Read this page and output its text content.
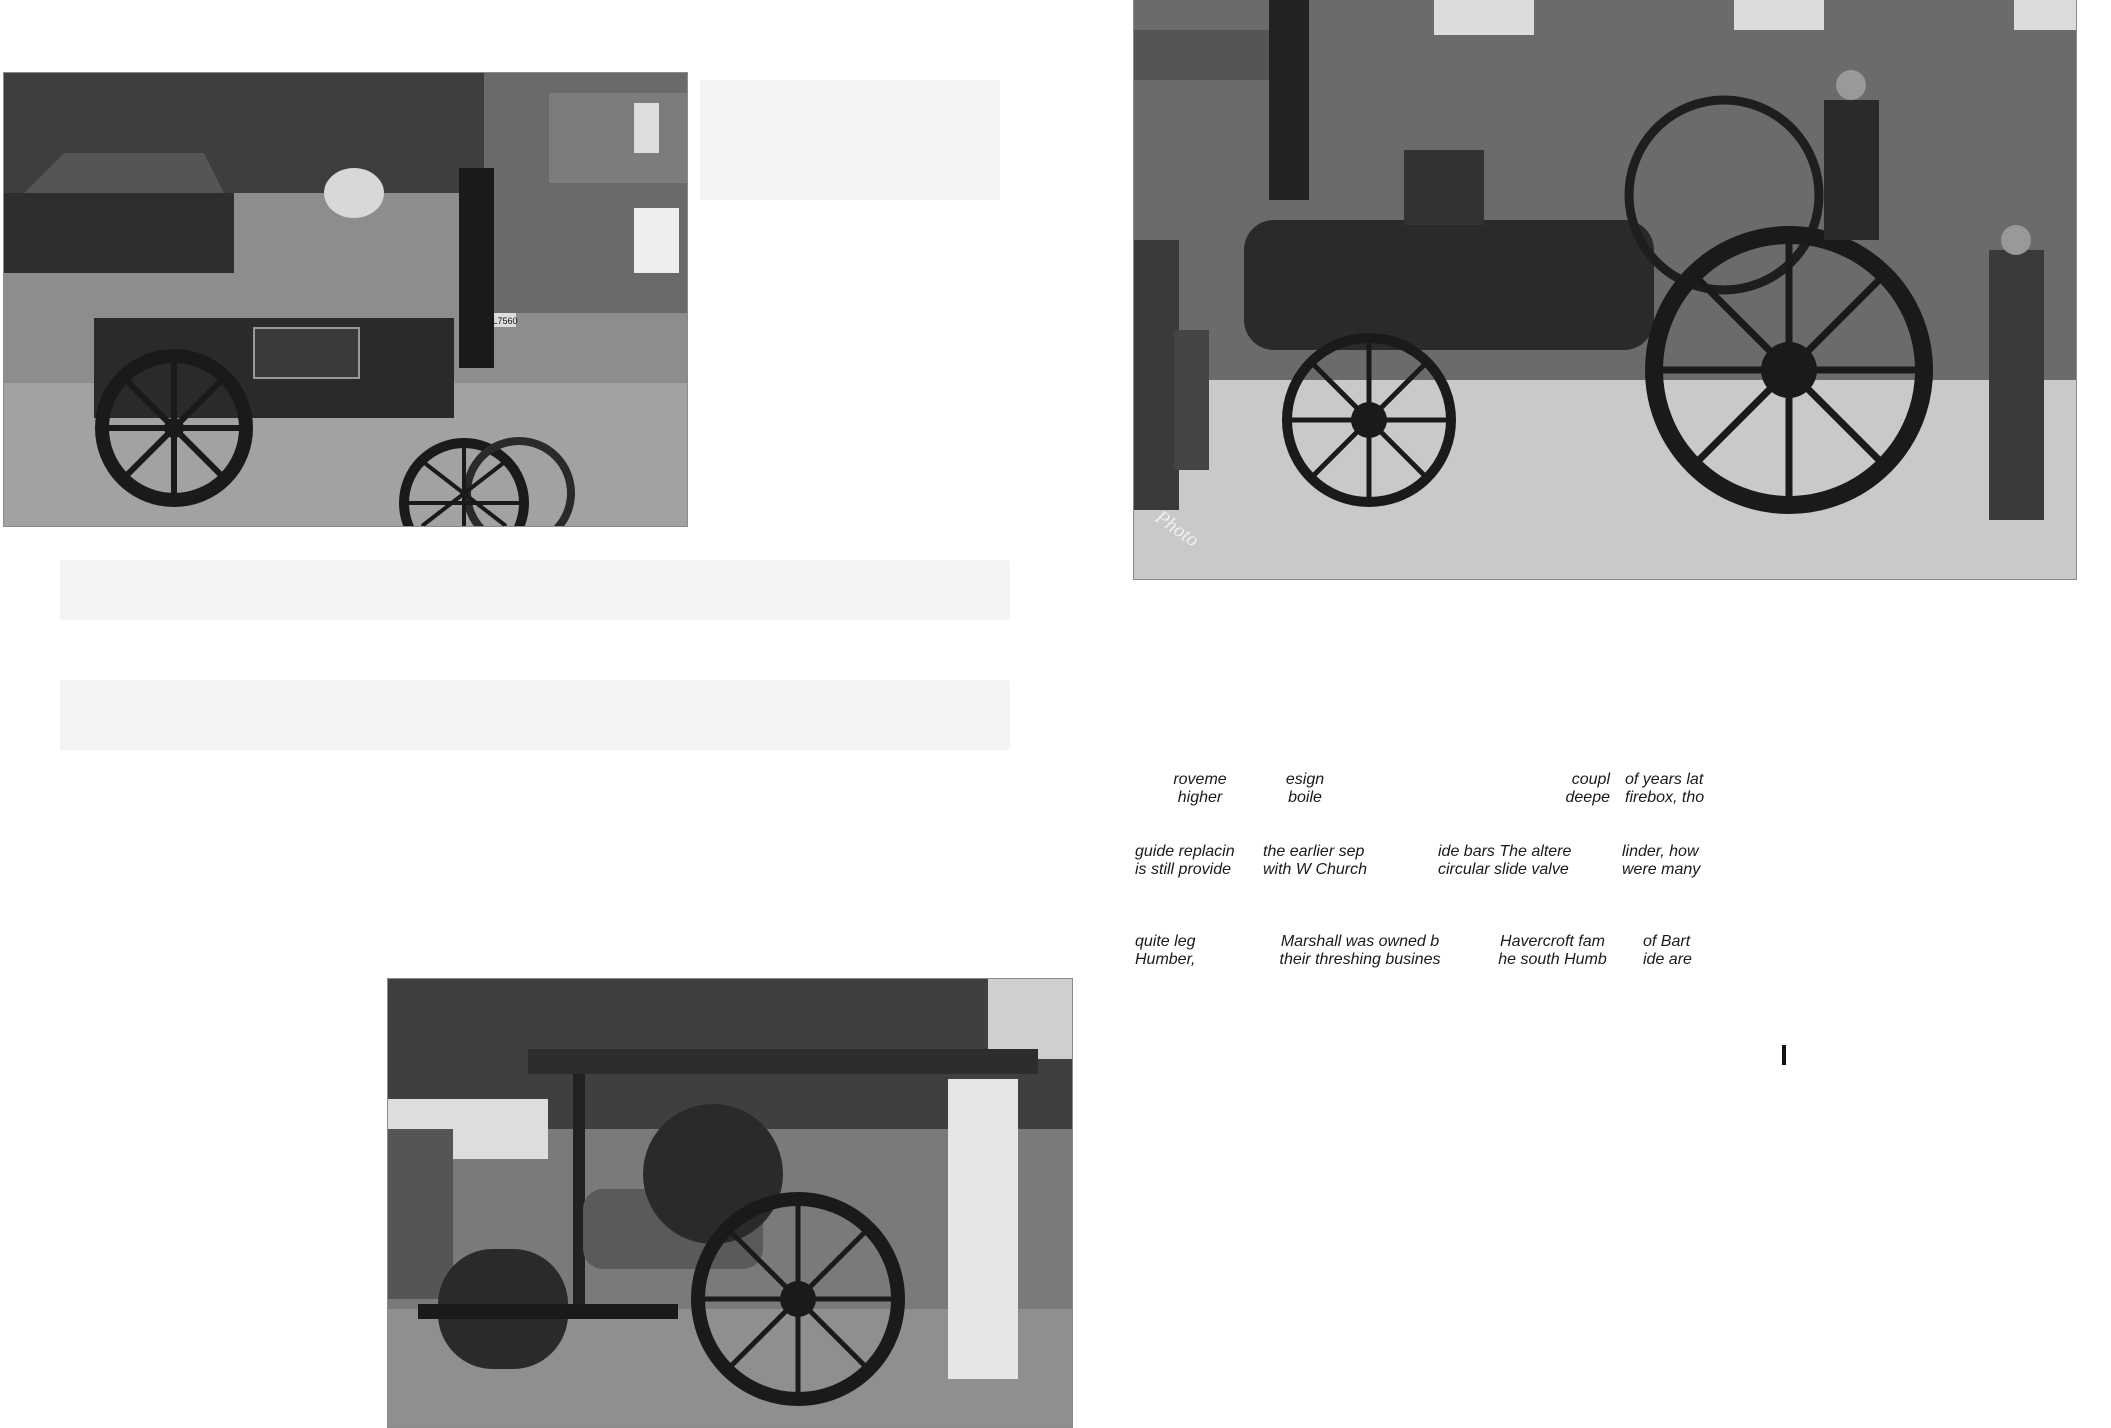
L7560
Photo

roveme
higher

esign
boile

coupl
deepe

of years lat
firebox, tho

guide replacin
is still provide

the earlier sep
with W Church

ide bars The altere
circular slide valve

linder, how
were many

quite leg
Humber,

Marshall was owned b
their threshing busines

Havercroft fam
he south Humb

of Bart
ide are
